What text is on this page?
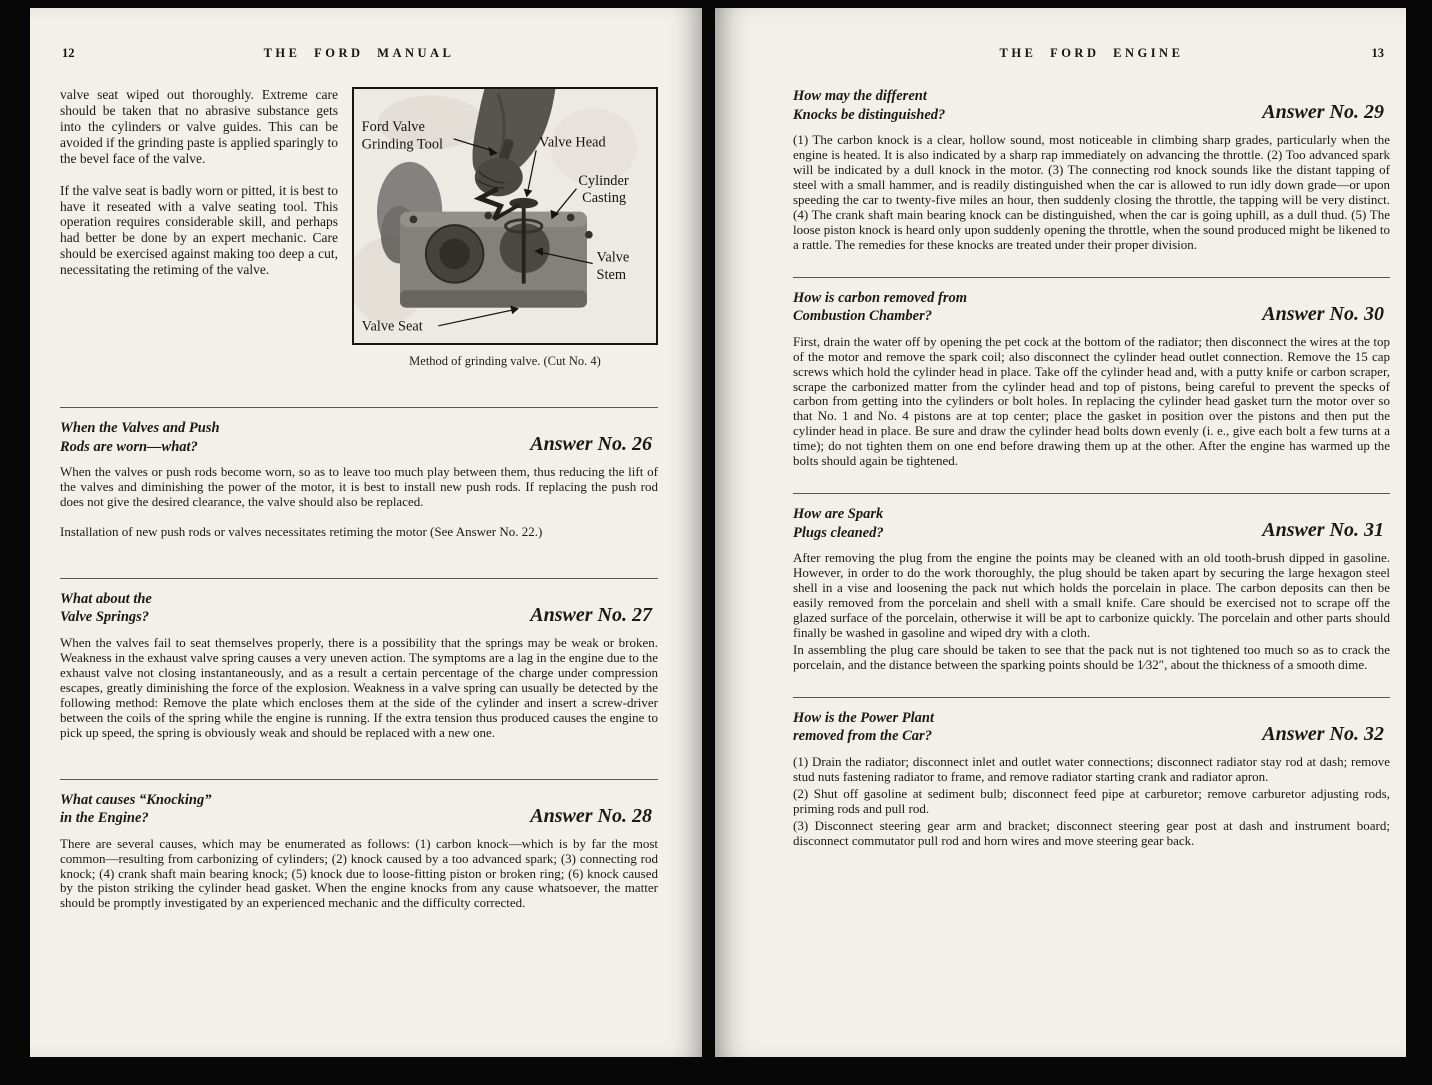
12	THE FORD MANUAL

valve seat wiped out thoroughly. Extreme care should be taken that no abrasive substance gets into the cylinders or valve guides. This can be avoided if the grinding paste is applied sparingly to the bevel face of the valve.

If the valve seat is badly worn or pitted, it is best to have it reseated with a valve seating tool. This operation requires considerable skill, and perhaps had better be done by an expert mechanic. Care should be exercised against making too deep a cut, necessitating the retiming of the valve.

Ford Valve
Grinding Tool	Valve Head
Cylinder
Casting
Valve
Stem
Valve Seat
Method of grinding valve. (Cut No. 4)
When the Valves and Push
Rods are worn—what?	Answer No. 26

When the valves or push rods become worn, so as to leave too much play between them, thus reducing the lift of the valves and diminishing the power of the motor, it is best to install new push rods. If replacing the push rod does not give the desired clearance, the valve should also be replaced.

Installation of new push rods or valves necessitates retiming the motor (See Answer No. 22.)

What about the
Valve Springs?	Answer No. 27

When the valves fail to seat themselves properly, there is a possibility that the springs may be weak or broken. Weakness in the exhaust valve spring causes a very uneven action. The symptoms are a lag in the engine due to the exhaust valve not closing instantaneously, and as a result a certain percentage of the charge under compression escapes, greatly diminishing the force of the explosion. Weakness in a valve spring can usually be detected by the following method: Remove the plate which encloses them at the side of the cylinder and insert a screw-driver between the coils of the spring while the engine is running. If the extra tension thus produced causes the engine to pick up speed, the spring is obviously weak and should be replaced with a new one.

What causes “Knocking”
in the Engine?	Answer No. 28

There are several causes, which may be enumerated as follows: (1) carbon knock—which is by far the most common—resulting from carbonizing of cylinders; (2) knock caused by a too advanced spark; (3) connecting rod knock; (4) crank shaft main bearing knock; (5) knock due to loose-fitting piston or broken ring; (6) knock caused by the piston striking the cylinder head gasket. When the engine knocks from any cause whatsoever, the matter should be promptly investigated by an experienced mechanic and the difficulty corrected.

THE FORD ENGINE	13
How may the different
Knocks be distinguished?	Answer No. 29

(1) The carbon knock is a clear, hollow sound, most noticeable in climbing sharp grades, particularly when the engine is heated. It is also indicated by a sharp rap immediately on advancing the throttle. (2) Too advanced spark will be indicated by a dull knock in the motor. (3) The connecting rod knock sounds like the distant tapping of steel with a small hammer, and is readily distinguished when the car is allowed to run idly down grade—or upon speeding the car to twenty-five miles an hour, then suddenly closing the throttle, the tapping will be very distinct. (4) The crank shaft main bearing knock can be distinguished, when the car is going uphill, as a dull thud. (5) The loose piston knock is heard only upon suddenly opening the throttle, when the sound produced might be likened to a rattle. The remedies for these knocks are treated under their proper division.

How is carbon removed from
Combustion Chamber?	Answer No. 30

First, drain the water off by opening the pet cock at the bottom of the radiator; then disconnect the wires at the top of the motor and remove the spark coil; also disconnect the cylinder head outlet connection. Remove the 15 cap screws which hold the cylinder head in place. Take off the cylinder head and, with a putty knife or carbon scraper, scrape the carbonized matter from the cylinder head and top of pistons, being careful to prevent the specks of carbon from getting into the cylinders or bolt holes. In replacing the cylinder head gasket turn the motor over so that No. 1 and No. 4 pistons are at top center; place the gasket in position over the pistons and then put the cylinder head in place. Be sure and draw the cylinder head bolts down evenly (i. e., give each bolt a few turns at a time); do not tighten them on one end before drawing them up at the other. After the engine has warmed up the bolts should again be tightened.

How are Spark
Plugs cleaned?	Answer No. 31

After removing the plug from the engine the points may be cleaned with an old tooth-brush dipped in gasoline. However, in order to do the work thoroughly, the plug should be taken apart by securing the large hexagon steel shell in a vise and loosening the pack nut which holds the porcelain in place. The carbon deposits can then be easily removed from the porcelain and shell with a small knife. Care should be exercised not to scrape off the glazed surface of the porcelain, otherwise it will be apt to carbonize quickly. The porcelain and other parts should finally be washed in gasoline and wiped dry with a cloth.

In assembling the plug care should be taken to see that the pack nut is not tightened too much so as to crack the porcelain, and the distance between the sparking points should be 1⁄32″, about the thickness of a smooth dime.

How is the Power Plant
removed from the Car?	Answer No. 32

(1) Drain the radiator; disconnect inlet and outlet water connections; disconnect radiator stay rod at dash; remove stud nuts fastening radiator to frame, and remove radiator starting crank and radiator apron.

(2) Shut off gasoline at sediment bulb; disconnect feed pipe at carburetor; remove carburetor adjusting rods, priming rods and pull rod.

(3) Disconnect steering gear arm and bracket; disconnect steering gear post at dash and instrument board; disconnect commutator pull rod and horn wires and move steering gear back.
